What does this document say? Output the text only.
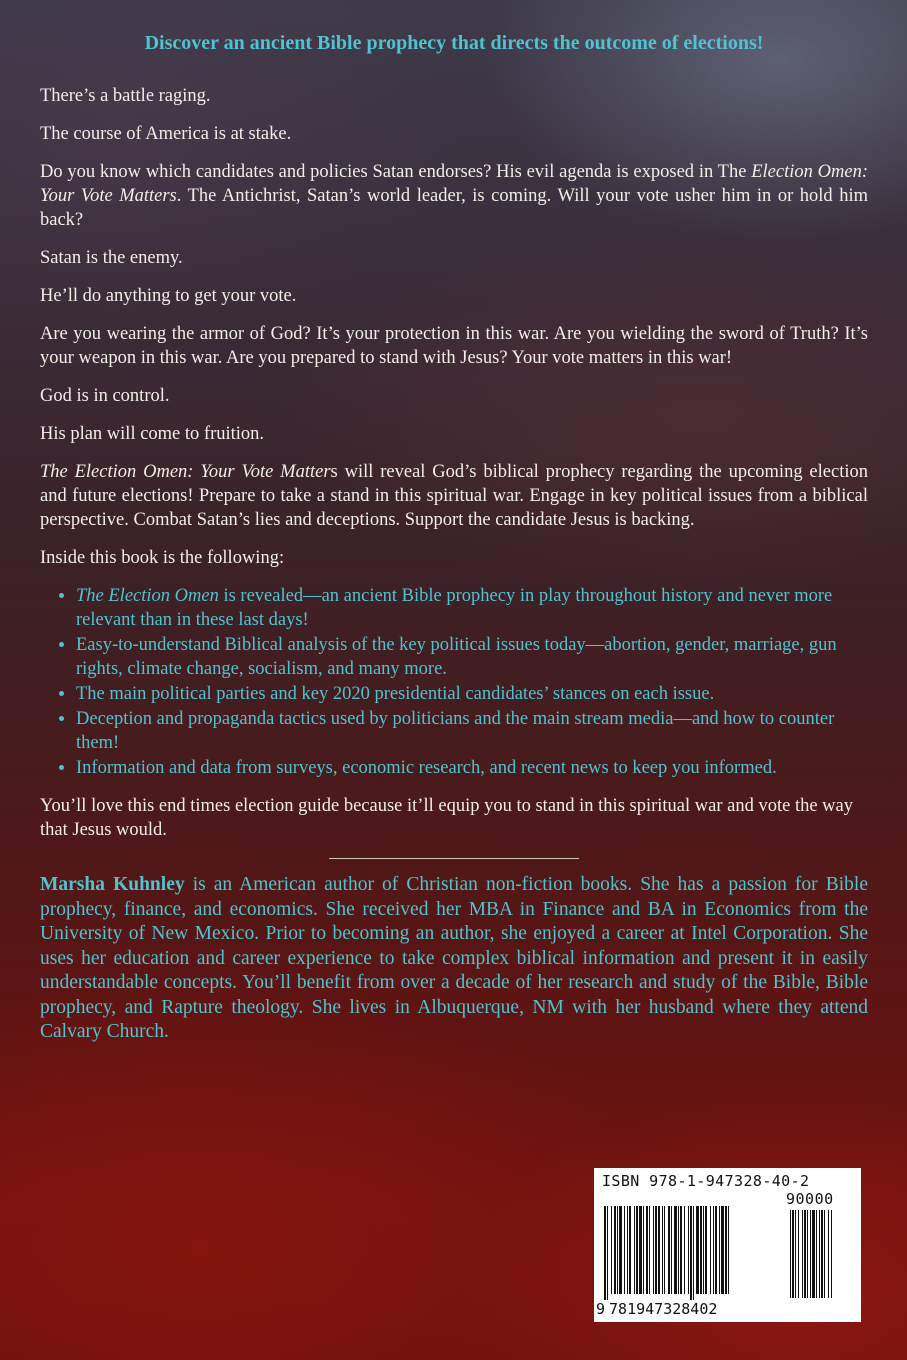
Discover an ancient Bible prophecy that directs the outcome of elections!

There’s a battle raging.

The course of America is at stake.

Do you know which candidates and policies Satan endorses? His evil agenda is exposed in The Election Omen: Your Vote Matters. The Antichrist, Satan’s world leader, is coming. Will your vote usher him in or hold him back?

Satan is the enemy.

He’ll do anything to get your vote.

Are you wearing the armor of God? It’s your protection in this war. Are you wielding the sword of Truth? It’s your weapon in this war. Are you prepared to stand with Jesus? Your vote matters in this war!

God is in control.

His plan will come to fruition.

The Election Omen: Your Vote Matters will reveal God’s biblical prophecy regarding the upcoming election and future elections! Prepare to take a stand in this spiritual war. Engage in key political issues from a biblical perspective. Combat Satan’s lies and deceptions. Support the candidate Jesus is backing.

Inside this book is the following:

• The Election Omen is revealed—an ancient Bible prophecy in play throughout history and never more relevant than in these last days!
• Easy-to-understand Biblical analysis of the key political issues today—abortion, gender, marriage, gun rights, climate change, socialism, and many more.
• The main political parties and key 2020 presidential candidates’ stances on each issue.
• Deception and propaganda tactics used by politicians and the main stream media—and how to counter them!
• Information and data from surveys, economic research, and recent news to keep you informed.

You’ll love this end times election guide because it’ll equip you to stand in this spiritual war and vote the way that Jesus would.

Marsha Kuhnley is an American author of Christian non-fiction books. She has a passion for Bible prophecy, finance, and economics. She received her MBA in Finance and BA in Economics from the University of New Mexico. Prior to becoming an author, she enjoyed a career at Intel Corporation. She uses her education and career experience to take complex biblical information and present it in easily understandable concepts. You’ll benefit from over a decade of her research and study of the Bible, Bible prophecy, and Rapture theology. She lives in Albuquerque, NM with her husband where they attend Calvary Church.

ISBN 978-1-947328-40-2
90000
9 781947328402
